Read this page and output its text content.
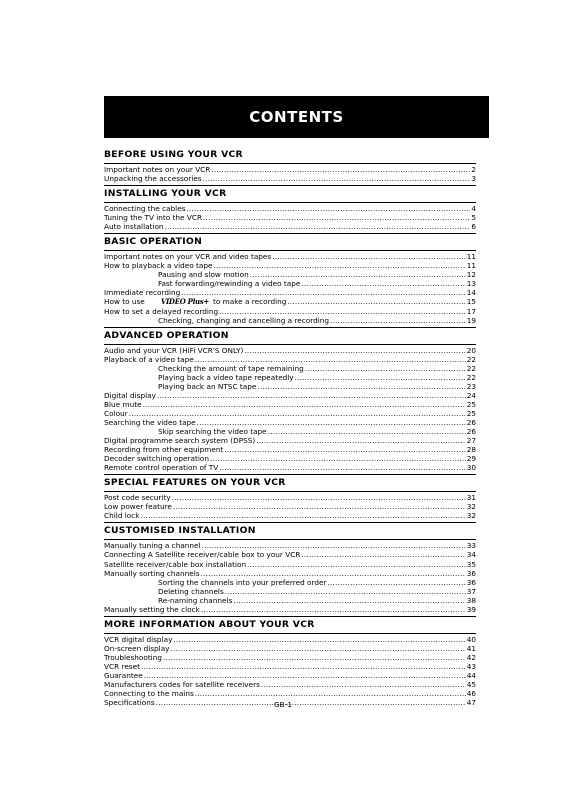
CONTENTS
BEFORE USING YOUR VCR
Important notes on your VCR .....	2
Unpacking the accessories .....	3
INSTALLING YOUR VCR
Connecting the cables .....	4
Tuning the TV into the VCR .....	5
Auto installation .....	6
BASIC OPERATION
Important notes on your VCR and video tapes .....	11
How to playback a video tape .....	11
Pausing and slow motion .....	12
Fast forwarding/rewinding a video tape .....	13
Immediate recording .....	14
How to use VIDEO Plus+ to make a recording .....	15
How to set a delayed recording .....	17
Checking, changing and cancelling a recording .....	19
ADVANCED OPERATION
Audio and your VCR (HiFi VCR'S ONLY) .....	20
Playback of a video tape .....	22
Checking the amount of tape remaining .....	22
Playing back a video tape repeatedly .....	22
Playing back an NTSC tape .....	23
Digital display .....	24
Blue mute .....	25
Colour .....	25
Searching the video tape .....	26
Skip searching the video tape .....	26
Digital programme search system (DPSS) .....	27
Recording from other equipment .....	28
Decoder switching operation .....	29
Remote control operation of TV .....	30
SPECIAL FEATURES ON YOUR VCR
Post code security .....	31
Low power feature .....	32
Child lock .....	32
CUSTOMISED INSTALLATION
Manually tuning a channel .....	33
Connecting A Satellite receiver/cable box to your VCR .....	34
Satellite receiver/cable box installation .....	35
Manually sorting channels .....	36
Sorting the channels into your preferred order .....	36
Deleting channels .....	37
Re-naming channels .....	38
Manually setting the clock .....	39
MORE INFORMATION ABOUT YOUR VCR
VCR digital display .....	40
On-screen display .....	41
Troubleshooting .....	42
VCR reset .....	43
Guarantee .....	44
Manufacturers codes for satellite receivers .....	45
Connecting to the mains .....	46
Specifications .....	47
GB-1
